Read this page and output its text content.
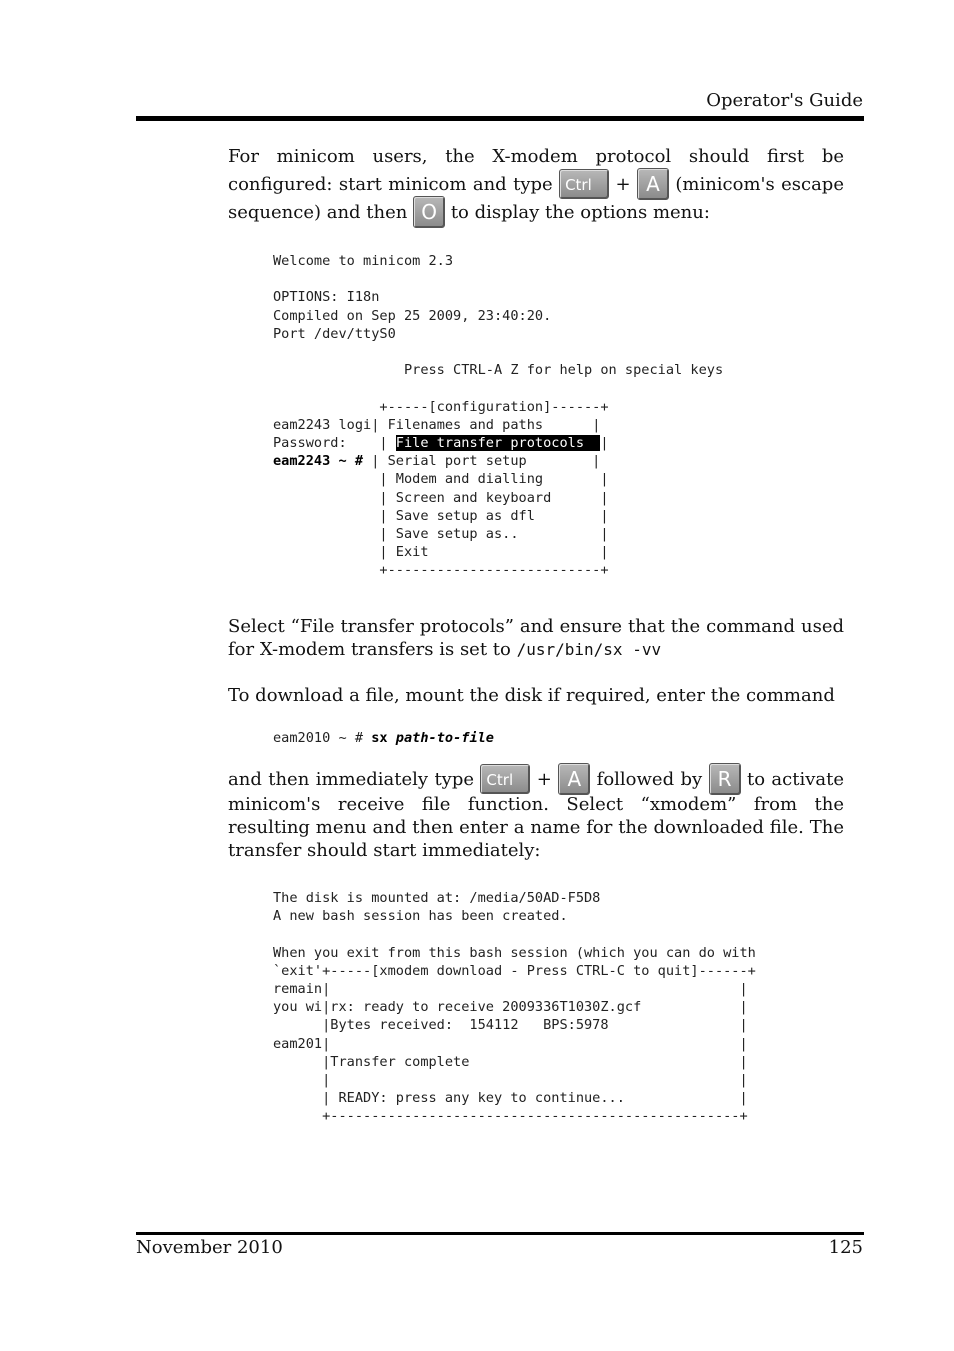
Operator's Guide
For minicom users, the X-modem protocol should first be configured: start minicom and type Ctrl + A (minicom's escape sequence) and then O to display the options menu:
Welcome to minicom 2.3

OPTIONS: I18n
Compiled on Sep 25 2009, 23:40:20.
Port /dev/ttyS0

Press CTRL-A Z for help on special keys

+-----[configuration]------+
eam2243 logi| Filenames and paths      |
Password:    | File transfer protocols  |
eam2243 ~ # | Serial port setup        |
| Modem and dialling       |
| Screen and keyboard      |
| Save setup as dfl        |
| Save setup as..          |
| Exit                     |
+--------------------------+
Select “File transfer protocols” and ensure that the command used for X-modem transfers is set to /usr/bin/sx -vv
To download a file, mount the disk if required, enter the command
eam2010 ~ # sx path-to-file
and then immediately type Ctrl + A followed by R to activate minicom's receive file function. Select “xmodem” from the resulting menu and then enter a name for the downloaded file. The transfer should start immediately:
The disk is mounted at: /media/50AD-F5D8
A new bash session has been created.

When you exit from this bash session (which you can do with
`exit'+-----[xmodem download - Press CTRL-C to quit]------+
remain|                                                  |
you wi|rx: ready to receive 2009336T1030Z.gcf            |
|Bytes received:  154112   BPS:5978                |
eam201|                                                  |
|Transfer complete                                 |
|                                                  |
| READY: press any key to continue...              |
+--------------------------------------------------+
November 2010	125
